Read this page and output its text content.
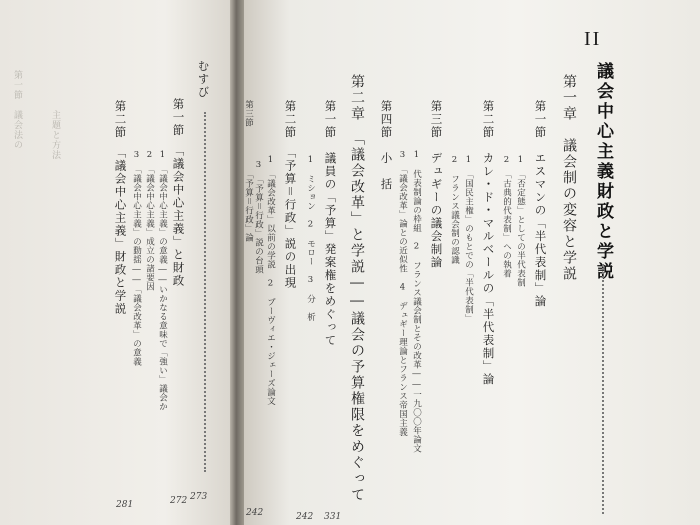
第一節　議会法の	主題と方法
むすび
第一節　「議会中心主義」と財政
1　「議会中心主義」の意義――いかなる意味で「強い」議会か
2　「議会中心主義」成立の諸要因
3　「議会中心主義」の動揺――「議会改革」の意義
第二節　「議会中心主義」財政と学説
272 273
281
II
議会中心主義財政と学説
第一章　議会制の変容と学説
第一節　エスマンの「半代表制」論
1　「否定態」としての半代表制
2　「古典的代表制」への執着
第二節　カレ・ド・マルベールの「半代表制」論
1　「国民主権」のもとでの「半代表制」
2　フランス議会制の認識
第三節　デュギーの議会制論
1　代表制論の枠組　2　フランス議会制とその改革――一九〇〇年論文
3　「議会改革」論との近似性　4　デュギー理論とフランス帝国主義
第四節　小　括
第二章　「議会改革」と学説――議会の予算権限をめぐって
第一節　議員の「予算」発案権をめぐって
1　ミション　2　モロー　3　分　析
第二節　「予算＝行政」説の出現
1　「議会改革」以前の学説　2　ブーヴィエ・ジェーズ論文
3　「予算＝行政」説の台頭
「予算＝行政」論
第三節
242	242 331
